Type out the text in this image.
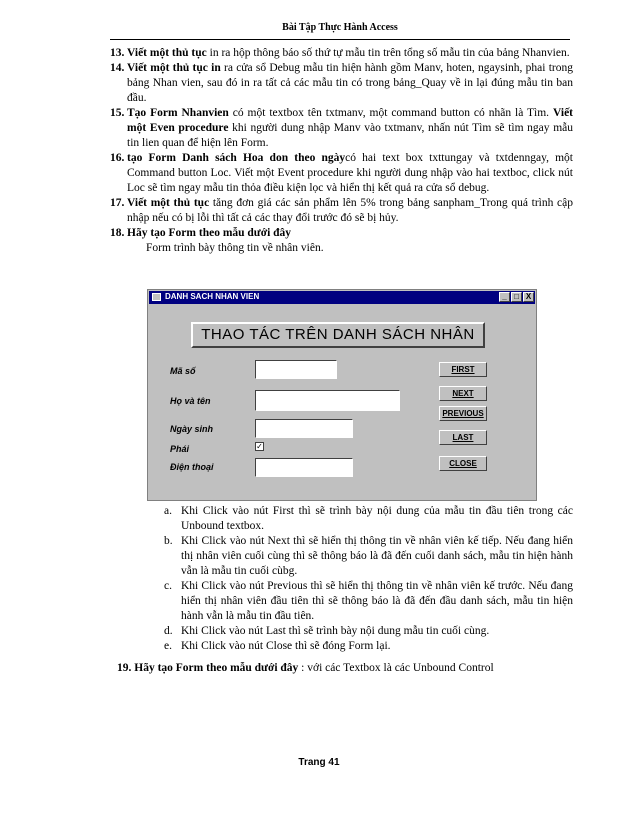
Bài Tập Thực Hành Access
13. Viết một thủ tục in ra hộp thông báo số thứ tự mẫu tin trên tổng số mẫu tin của bảng Nhanvien.
14. Viết một thủ tục in ra cửa sổ Debug mẫu tin hiện hành gồm Manv, hoten, ngaysinh, phai trong bảng Nhan vien, sau đó in ra tất cả các mẫu tin có trong bảng_Quay về in lại đúng mẫu tin ban đầu.
15. Tạo Form Nhanvien có một textbox tên txtmanv, một command button có nhãn là Tìm. Viết một Even procedure khi người dung nhập Manv vào txtmanv, nhấn nút Tìm sẽ tìm ngay mẫu tin lien quan để hiện lên Form.
16. tạo Form Danh sách Hoa don theo ngàycó hai text box txttungay và txtdenngay, một Command button Loc. Viết một Event procedure khi người dung nhập vào hai textboc, click nút Loc sẽ tìm ngay mẫu tin thỏa điều kiện lọc và hiển thị kết quả ra cửa sổ debug.
17. Viết một thủ tục tăng đơn giá các sản phẩm lên 5% trong bảng sanpham_Trong quá trình cập nhập nếu có bị lỗi thì tất cả các thay đổi trước đó sẽ bị hủy.
18. Hãy tạo Form theo mẫu dưới đây
Form trình bày thông tin về nhân viên.
DANH SACH NHAN VIEN	_ □ X
THAO TÁC TRÊN DANH SÁCH NHÂN
Mã số
Họ và tên
Ngày sinh
Phái	✓
Điện thoại
FIRST
NEXT
PREVIOUS
LAST
CLOSE
a. Khi Click vào nút First thì sẽ trình bày nội dung của mẫu tin đầu tiên trong các Unbound textbox.
b. Khi Click vào nút Next thì sẽ hiển thị thông tin về nhân viên kế tiếp. Nếu đang hiển thị nhân viên cuối cùng thì sẽ thông báo là đã đến cuối danh sách, mẫu tin hiện hành vẫn là mẫu tin cuối cùbg.
c. Khi Click vào nút Previous thì sẽ hiển thị thông tin về nhân viên kế trước. Nếu đang hiển thị nhân viên đầu tiên thì sẽ thông báo là đã đến đầu danh sách, mẫu tin hiện hành vẫn là mẫu tin đầu tiên.
d. Khi Click vào nút Last thì sẽ trình bày nội dung mẫu tin cuối cùng.
e. Khi Click vào nút Close thì sẽ đóng Form lại.
19. Hãy tạo Form theo mẫu dưới đây : với các Textbox là các Unbound Control
Trang 41
